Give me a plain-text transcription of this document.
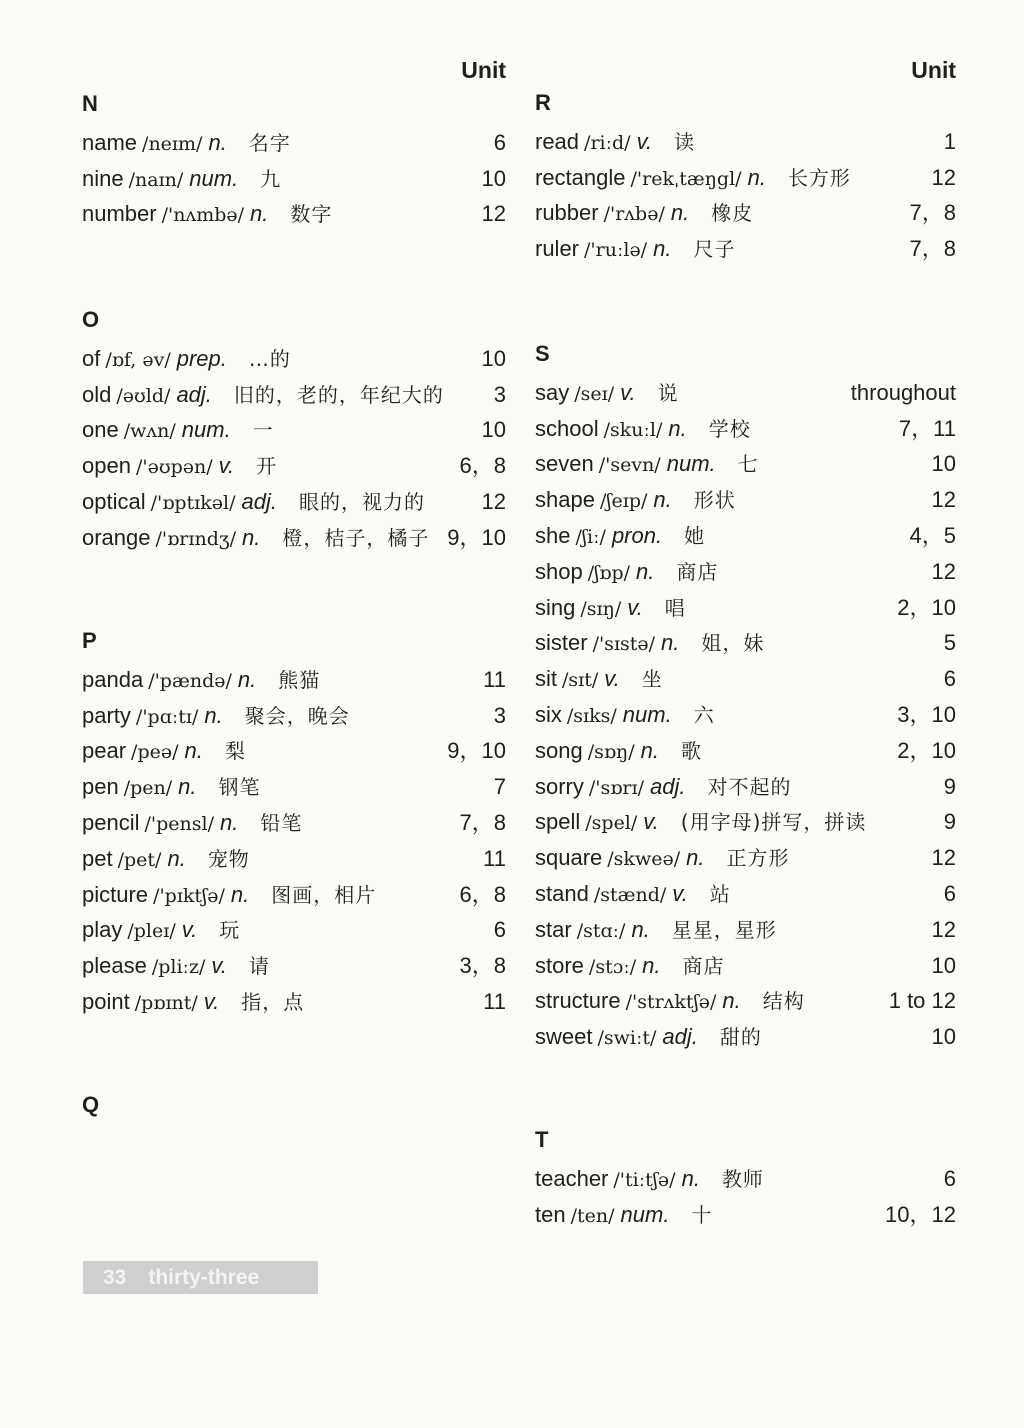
Unit
N
name /neɪm/ n. 名字	6
nine /naɪn/ num. 九	10
number /'nʌmbə/ n. 数字	12
O
of /ɒf, əv/ prep. …的	10
old /əʊld/ adj. 旧的，老的，年纪大的 3
one /wʌn/ num. 一	10
open /'əʊpən/ v. 开	6，8
optical /'ɒptɪkəl/ adj. 眼的，视力的	12
orange /'ɒrɪndʒ/ n. 橙，桔子，橘子 9，10
P
panda /'pændə/ n. 熊猫	11
party /'pɑːtɪ/ n. 聚会，晚会	3
pear /peə/ n. 梨	9，10
pen /pen/ n. 钢笔	7
pencil /'pensl/ n. 铅笔	7，8
pet /pet/ n. 宠物	11
picture /'pɪktʃə/ n. 图画，相片	6，8
play /pleɪ/ v. 玩	6
please /pliːz/ v. 请	3，8
point /pɒɪnt/ v. 指，点	11
Q
Unit
R
read /riːd/ v. 读	1
rectangle /'rekˌtæŋgl/ n. 长方形	12
rubber /'rʌbə/ n. 橡皮	7，8
ruler /'ruːlə/ n. 尺子	7，8
S
say /seɪ/ v. 说	throughout
school /skuːl/ n. 学校	7，11
seven /'sevn/ num. 七	10
shape /ʃeɪp/ n. 形状	12
she /ʃiː/ pron. 她	4，5
shop /ʃɒp/ n. 商店	12
sing /sɪŋ/ v. 唱	2，10
sister /'sɪstə/ n. 姐，妹	5
sit /sɪt/ v. 坐	6
six /sɪks/ num. 六	3，10
song /sɒŋ/ n. 歌	2，10
sorry /'sɒrɪ/ adj. 对不起的	9
spell /spel/ v. (用字母)拼写，拼读	9
square /skweə/ n. 正方形	12
stand /stænd/ v. 站	6
star /stɑː/ n. 星星，星形	12
store /stɔː/ n. 商店	10
structure /'strʌktʃə/ n. 结构	1 to 12
sweet /swiːt/ adj. 甜的	10
T
teacher /'tiːtʃə/ n. 教师	6
ten /ten/ num. 十	10，12
33 thirty-three
